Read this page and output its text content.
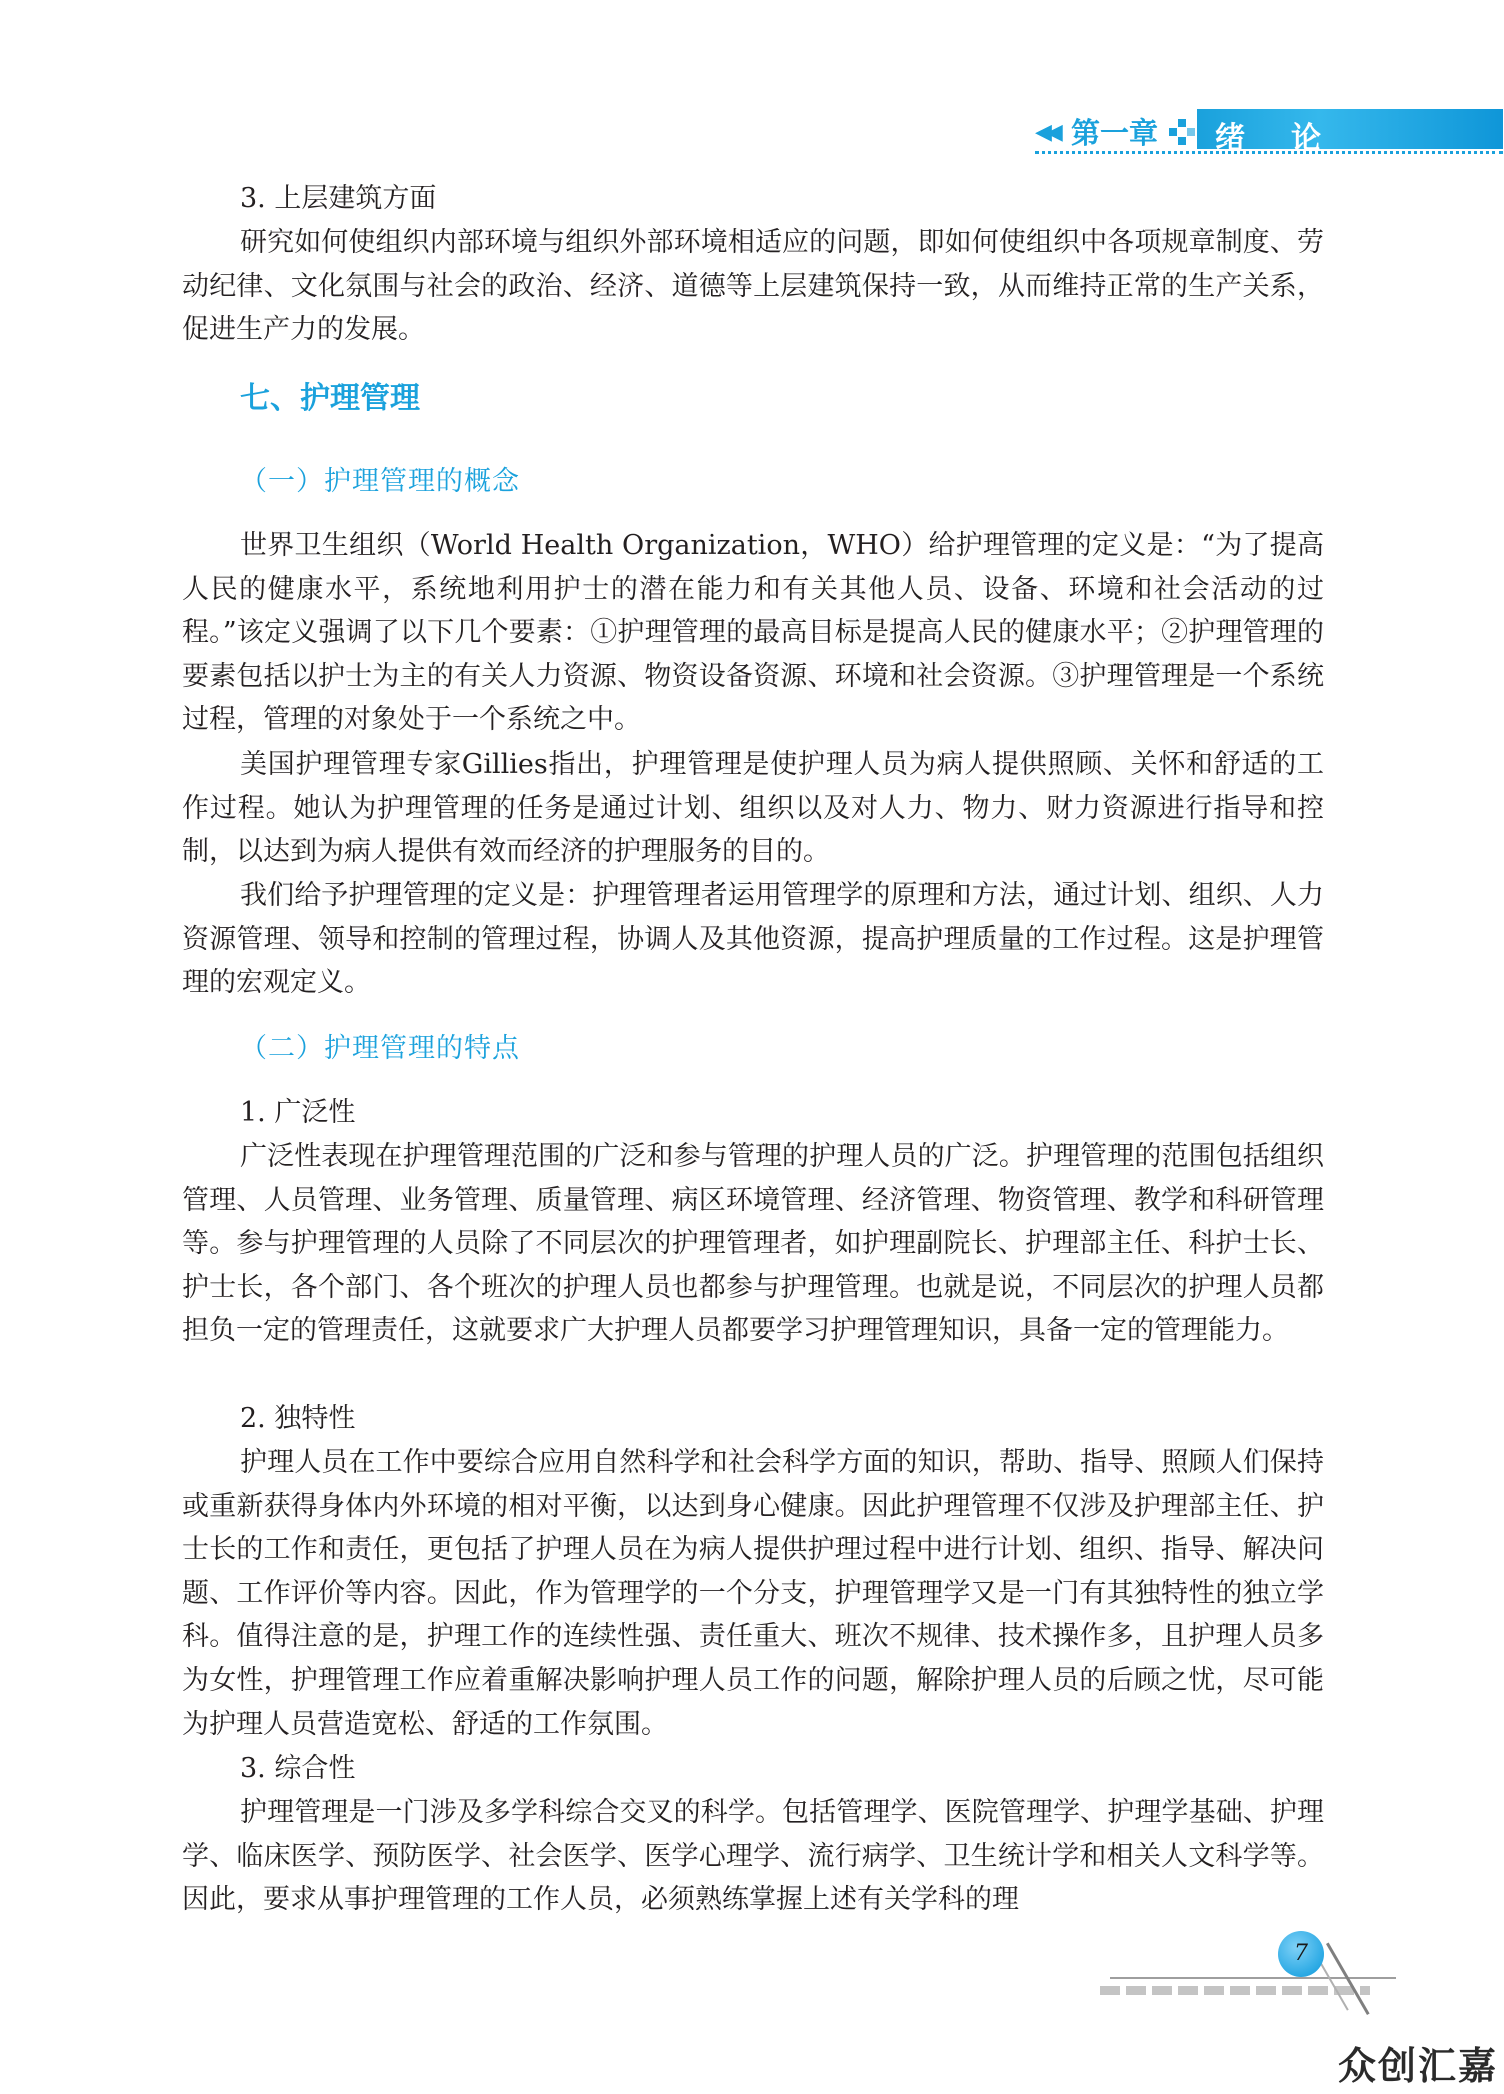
◀◀ 第一章 绪论
3. 上层建筑方面
研究如何使组织内部环境与组织外部环境相适应的问题，即如何使组织中各项规章制度、劳动纪律、文化氛围与社会的政治、经济、道德等上层建筑保持一致，从而维持正常的生产关系，促进生产力的发展。
七、护理管理
（一）护理管理的概念
世界卫生组织（World Health Organization，WHO）给护理管理的定义是：“为了提高人民的健康水平，系统地利用护士的潜在能力和有关其他人员、设备、环境和社会活动的过程。”该定义强调了以下几个要素：①护理管理的最高目标是提高人民的健康水平；②护理管理的要素包括以护士为主的有关人力资源、物资设备资源、环境和社会资源。③护理管理是一个系统过程，管理的对象处于一个系统之中。
美国护理管理专家Gillies指出，护理管理是使护理人员为病人提供照顾、关怀和舒适的工作过程。她认为护理管理的任务是通过计划、组织以及对人力、物力、财力资源进行指导和控制，以达到为病人提供有效而经济的护理服务的目的。
我们给予护理管理的定义是：护理管理者运用管理学的原理和方法，通过计划、组织、人力资源管理、领导和控制的管理过程，协调人及其他资源，提高护理质量的工作过程。这是护理管理的宏观定义。
（二）护理管理的特点
1. 广泛性
广泛性表现在护理管理范围的广泛和参与管理的护理人员的广泛。护理管理的范围包括组织管理、人员管理、业务管理、质量管理、病区环境管理、经济管理、物资管理、教学和科研管理等。参与护理管理的人员除了不同层次的护理管理者，如护理副院长、护理部主任、科护士长、护士长，各个部门、各个班次的护理人员也都参与护理管理。也就是说，不同层次的护理人员都担负一定的管理责任，这就要求广大护理人员都要学习护理管理知识，具备一定的管理能力。
2. 独特性
护理人员在工作中要综合应用自然科学和社会科学方面的知识，帮助、指导、照顾人们保持或重新获得身体内外环境的相对平衡，以达到身心健康。因此护理管理不仅涉及护理部主任、护士长的工作和责任，更包括了护理人员在为病人提供护理过程中进行计划、组织、指导、解决问题、工作评价等内容。因此，作为管理学的一个分支，护理管理学又是一门有其独特性的独立学科。值得注意的是，护理工作的连续性强、责任重大、班次不规律、技术操作多，且护理人员多为女性，护理管理工作应着重解决影响护理人员工作的问题，解除护理人员的后顾之忧，尽可能为护理人员营造宽松、舒适的工作氛围。
3. 综合性
护理管理是一门涉及多学科综合交叉的科学。包括管理学、医院管理学、护理学基础、护理学、临床医学、预防医学、社会医学、医学心理学、流行病学、卫生统计学和相关人文科学等。因此，要求从事护理管理的工作人员，必须熟练掌握上述有关学科的理
7
众创汇嘉
